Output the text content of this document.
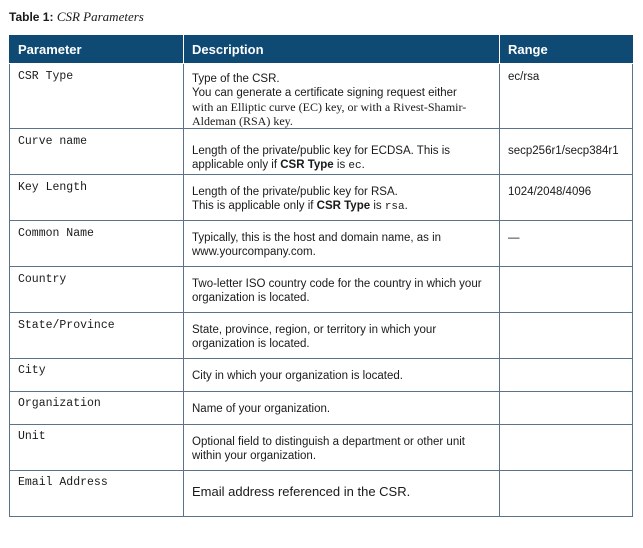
Table 1: CSR Parameters
Parameter	Description	Range
CSR Type	Type of the CSR.
You can generate a certificate signing request either
with an Elliptic curve (EC) key, or with a Rivest-Shamir-
Aldeman (RSA) key.	ec/rsa
Curve name	Length of the private/public key for ECDSA. This is applicable only if CSR Type is ec.	secp256r1/secp384r1
Key Length	Length of the private/public key for RSA.
This is applicable only if CSR Type is rsa.	1024/2048/4096
Common Name	Typically, this is the host and domain name, as in www.yourcompany.com.	—
Country	Two-letter ISO country code for the country in which your organization is located.	
State/Province	State, province, region, or territory in which your organization is located.	
City	City in which your organization is located.	
Organization	Name of your organization.	
Unit	Optional field to distinguish a department or other unit within your organization.	
Email Address	Email address referenced in the CSR.	
